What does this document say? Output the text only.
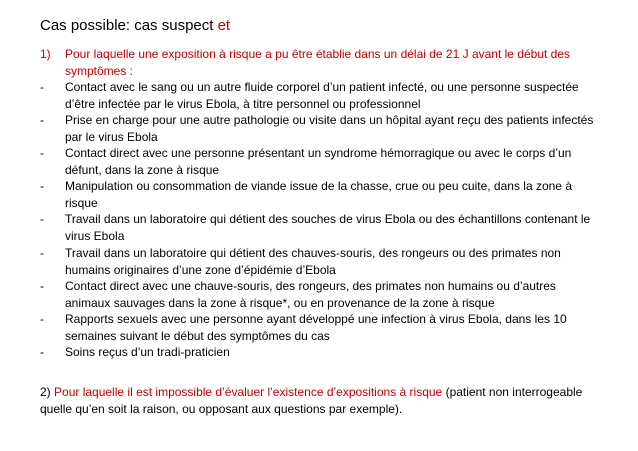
Cas possible: cas suspect et
1) Pour laquelle une exposition à risque a pu être établie dans un délai de 21 J avant le début des symptômes :
- Contact avec le sang ou un autre fluide corporel d’un patient infecté, ou une personne suspectée d’être infectée par le virus Ebola, à titre personnel ou professionnel
- Prise en charge pour une autre pathologie ou visite dans un hôpital ayant reçu des patients infectés par le virus Ebola
- Contact direct avec une personne présentant un syndrome hémorragique ou avec le corps d’un défunt, dans la zone à risque
- Manipulation ou consommation de viande issue de la chasse, crue ou peu cuite, dans la zone à risque
- Travail dans un laboratoire qui détient des souches de virus Ebola ou des échantillons contenant le virus Ebola
- Travail dans un laboratoire qui détient des chauves-souris, des rongeurs ou des primates non humains originaires d’une zone d’épidémie d’Ebola
- Contact direct avec une chauve-souris, des rongeurs, des primates non humains ou d’autres animaux sauvages dans la zone à risque*, ou en provenance de la zone à risque
- Rapports sexuels avec une personne ayant développé une infection à virus Ebola, dans les 10 semaines suivant le début des symptômes du cas
- Soins reçus d’un tradi-praticien
2) Pour laquelle il est impossible d’évaluer l’existence d’expositions à risque (patient non interrogeable quelle qu’en soit la raison, ou opposant aux questions par exemple).
